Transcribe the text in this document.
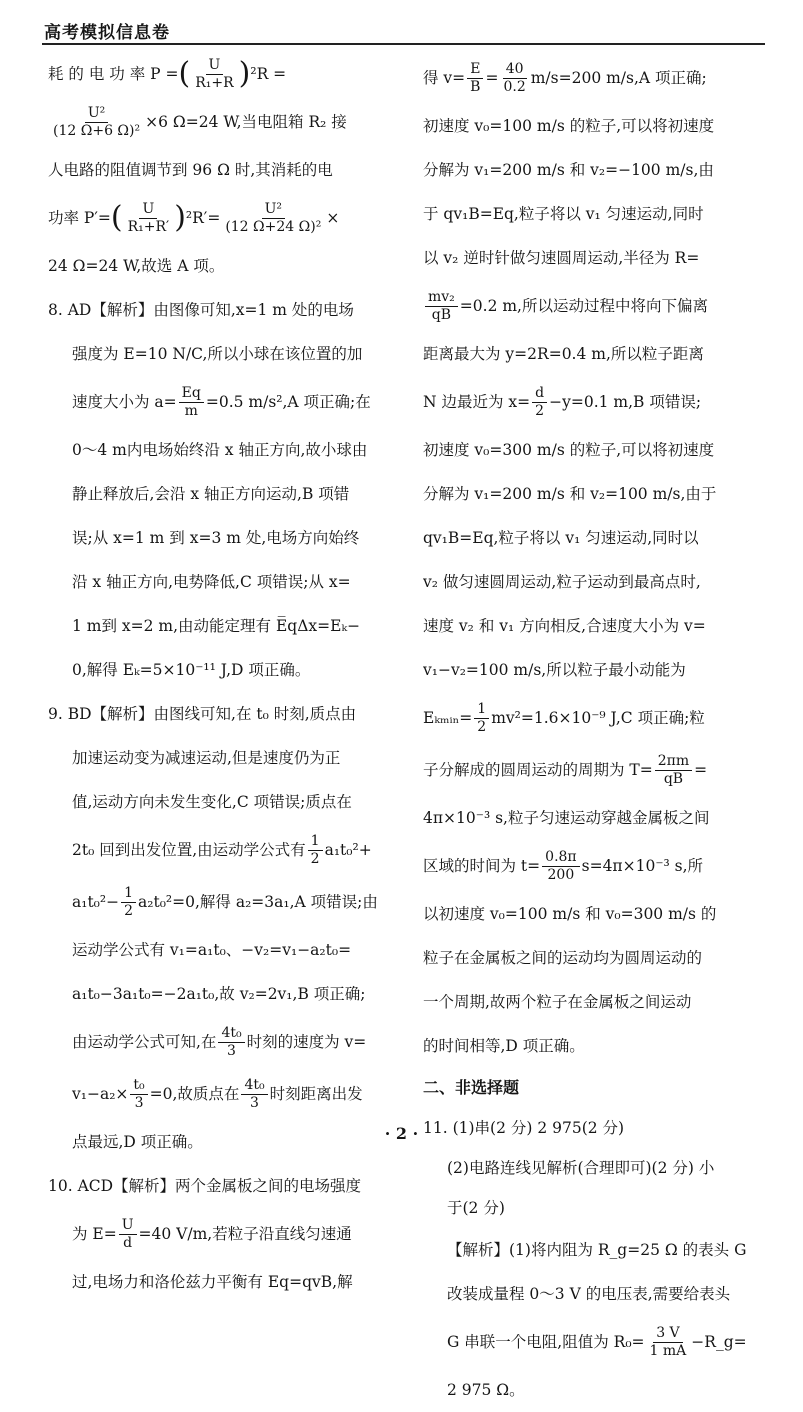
高考模拟信息卷
耗 的 电 功 率 P = ( $\frac{U}{\text{R₁+R}}$ ) ²R =
$\frac{\text{U²}}{\text{(12 Ω+6 Ω)²}} \times 6$ Ω=24 W,当电阻箱 R₂ 接
人电路的阻值调节到 96 Ω 时,其消耗的电
功率 P′= ( $\frac{U}{\text{R₁+R′}}$ ) $^2R'= \frac{\text{U²}}{\text{(12 Ω+24 Ω)²}}$ ×
24 Ω=24 W,故选 A 项。
8. AD【解析】由图像可知,x=1 m 处的电场
强度为 E=10 N/C,所以小球在该位置的加
速度大小为 $a= \frac{Eq}{m} =0.5$ m/s²,A 项正确;在
0～4 m内电场始终沿 x 轴正方向,故小球由
静止释放后,会沿 x 轴正方向运动,B 项错
误;从 x=1 m 到 x=3 m 处,电场方向始终
沿 x 轴正方向,电势降低,C 项错误;从 x=
1 m到 x=2 m,由动能定理有 E̅qΔx=Eₖ−
0,解得 Eₖ=5×10⁻¹¹ J,D 项正确。
9. BD【解析】由图线可知,在 t₀ 时刻,质点由
加速运动变为减速运动,但是速度仍为正
值,运动方向未发生变化,C 项错误;质点在
2t₀ 回到出发位置,由运动学公式有 $\frac{1}{2} a_1t_0^2+$
$a_1t_0^2- \frac{1}{2} a_2t_0^2=0$,解得 a₂=3a₁,A 项错误;由
运动学公式有 v₁=a₁t₀、−v₂=v₁−a₂t₀=
a₁t₀−3a₁t₀=−2a₁t₀,故 v₂=2v₁,B 项正确;
由运动学公式可知,在 $\frac{\text{4t₀}}{3}$ 时刻的速度为 v=
$v_1-a_2\times \frac{\text{t₀}}{3} =0$,故质点在 $\frac{\text{4t₀}}{3}$ 时刻距离出发
点最远,D 项正确。
10. ACD【解析】两个金属板之间的电场强度
为 $E= \frac{U}{d} =40$ V/m,若粒子沿直线匀速通
过,电场力和洛伦兹力平衡有 Eq=qvB,解
得 $v= \frac{E}{B} = \frac{40}{0.2} m/s=200$ m/s,A 项正确;
初速度 v₀=100 m/s 的粒子,可以将初速度
分解为 v₁=200 m/s 和 v₂=−100 m/s,由
于 qv₁B=Eq,粒子将以 v₁ 匀速运动,同时
以 v₂ 逆时针做匀速圆周运动,半径为 R=
$\frac{\text{mv₂}}{qB} =0.2$ m,所以运动过程中将向下偏离
距离最大为 y=2R=0.4 m,所以粒子距离
N 边最近为 $x= \frac{d}{2} -y=0.1$ m,B 项错误;
初速度 v₀=300 m/s 的粒子,可以将初速度
分解为 v₁=200 m/s 和 v₂=100 m/s,由于
qv₁B=Eq,粒子将以 v₁ 匀速运动,同时以
v₂ 做匀速圆周运动,粒子运动到最高点时,
速度 v₂ 和 v₁ 方向相反,合速度大小为 v=
v₁−v₂=100 m/s,所以粒子最小动能为
Eₖₘᵢₙ= $\frac{1}{2} mv^2=1.6\times 10^{-9}$ J,C 项正确;粒
子分解成的圆周运动的周期为 $T= \frac{2\pi m}{qB}$ =
4π×10⁻³ s,粒子匀速运动穿越金属板之间
区域的时间为 $t= \frac{0.8\pi}{200} s=4\pi\times 10^{-3}$ s,所
以初速度 v₀=100 m/s 和 v₀=300 m/s 的
粒子在金属板之间的运动均为圆周运动的
一个周期,故两个粒子在金属板之间运动
的时间相等,D 项正确。
二、非选择题
11. (1)串(2 分) 2 975(2 分)
(2)电路连线见解析(合理即可)(2 分) 小
于(2 分)
【解析】(1)将内阻为 R_g=25 Ω 的表头 G
改装成量程 0～3 V 的电压表,需要给表头
G 串联一个电阻,阻值为 $R_0= \frac{3 V}{1 mA}$ −R_g=
2 975 Ω。
· 2 ·
